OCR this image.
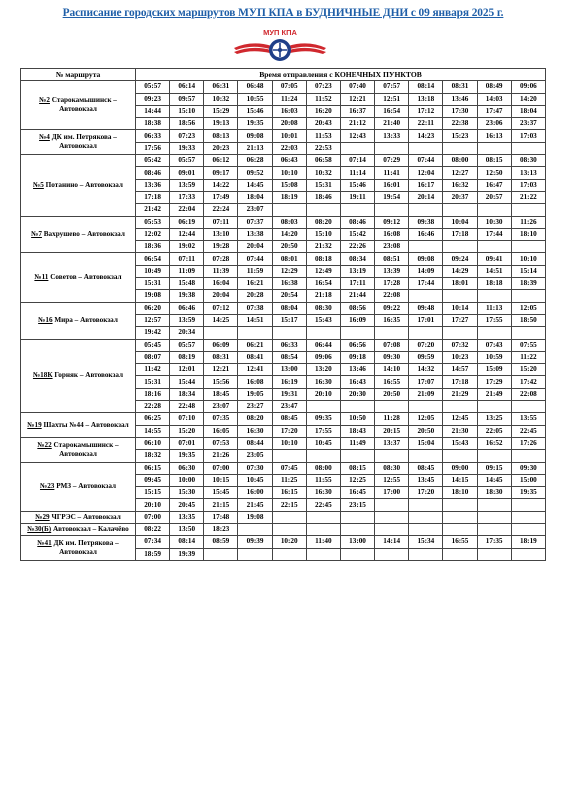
Расписание городских маршрутов МУП КПА в БУДНИЧНЫЕ ДНИ с 09 января 2025 г.
МУП КПА
№ маршрута	Время отправления с КОНЕЧНЫХ ПУНКТОВ											
№2 Старокамышинск – Автовокзал	05:57	06:14	06:31	06:48	07:05	07:23	07:40	07:57	08:14	08:31	08:49	09:06
	09:23	09:57	10:32	10:55	11:24	11:52	12:21	12:51	13:18	13:46	14:03	14:20
	14:44	15:10	15:29	15:46	16:03	16:20	16:37	16:54	17:12	17:30	17:47	18:04
	18:38	18:56	19:13	19:35	20:08	20:43	21:12	21:40	22:11	22:38	23:06	23:37
№4 ДК им. Петрякова – Автовокзал	06:33	07:23	08:13	09:08	10:01	11:53	12:43	13:33	14:23	15:23	16:13	17:03
	17:56	19:33	20:23	21:13	22:03	22:53						
№5 Потанино – Автовокзал	05:42	05:57	06:12	06:28	06:43	06:58	07:14	07:29	07:44	08:00	08:15	08:30
	08:46	09:01	09:17	09:52	10:10	10:32	11:14	11:41	12:04	12:27	12:50	13:13
	13:36	13:59	14:22	14:45	15:08	15:31	15:46	16:01	16:17	16:32	16:47	17:03
	17:18	17:33	17:49	18:04	18:19	18:46	19:11	19:54	20:14	20:37	20:57	21:22
	21:42	22:04	22:24	23:07								
№7 Вахрушево – Автовокзал	05:53	06:19	07:11	07:37	08:03	08:20	08:46	09:12	09:38	10:04	10:30	11:26
	12:02	12:44	13:10	13:38	14:20	15:10	15:42	16:08	16:46	17:18	17:44	18:10
	18:36	19:02	19:28	20:04	20:50	21:32	22:26	23:08				
№11 Советов – Автовокзал	06:54	07:11	07:28	07:44	08:01	08:18	08:34	08:51	09:08	09:24	09:41	10:10
	10:49	11:09	11:39	11:59	12:29	12:49	13:19	13:39	14:09	14:29	14:51	15:14
	15:31	15:48	16:04	16:21	16:38	16:54	17:11	17:28	17:44	18:01	18:18	18:39
	19:08	19:38	20:04	20:28	20:54	21:18	21:44	22:08				
№16 Мира – Автовокзал	06:20	06:46	07:12	07:38	08:04	08:30	08:56	09:22	09:48	10:14	11:13	12:05
	12:57	13:59	14:25	14:51	15:17	15:43	16:09	16:35	17:01	17:27	17:55	18:50
	19:42	20:34										
№18К Горняк – Автовокзал	05:45	05:57	06:09	06:21	06:33	06:44	06:56	07:08	07:20	07:32	07:43	07:55
	08:07	08:19	08:31	08:41	08:54	09:06	09:18	09:30	09:59	10:23	10:59	11:22
	11:42	12:01	12:21	12:41	13:00	13:20	13:46	14:10	14:32	14:57	15:09	15:20
	15:31	15:44	15:56	16:08	16:19	16:30	16:43	16:55	17:07	17:18	17:29	17:42
	18:16	18:34	18:45	19:05	19:31	20:10	20:30	20:50	21:09	21:29	21:49	22:08
	22:28	22:48	23:07	23:27	23:47							
№19 Шахты №44 – Автовокзал	06:25	07:10	07:35	08:20	08:45	09:35	10:50	11:28	12:05	12:45	13:25	13:55
	14:55	15:20	16:05	16:30	17:20	17:55	18:43	20:15	20:50	21:30	22:05	22:45
№22 Старокамышинск – Автовокзал	06:10	07:01	07:53	08:44	10:10	10:45	11:49	13:37	15:04	15:43	16:52	17:26
	18:32	19:35	21:26	23:05								
№23 РМЗ – Автовокзал	06:15	06:30	07:00	07:30	07:45	08:00	08:15	08:30	08:45	09:00	09:15	09:30
	09:45	10:00	10:15	10:45	11:25	11:55	12:25	12:55	13:45	14:15	14:45	15:00
	15:15	15:30	15:45	16:00	16:15	16:30	16:45	17:00	17:20	18:10	18:30	19:35
	20:10	20:45	21:15	21:45	22:15	22:45	23:15					
№29 ЧГРЭС – Автовокзал	07:00	13:35	17:48	19:08								
№30(Б) Автовокзал – Калачёво	08:22	13:50	18:23									
№41 ДК им. Петрякова – Автовокзал	07:34	08:14	08:59	09:39	10:20	11:40	13:00	14:14	15:34	16:55	17:35	18:19
	18:59	19:39										
